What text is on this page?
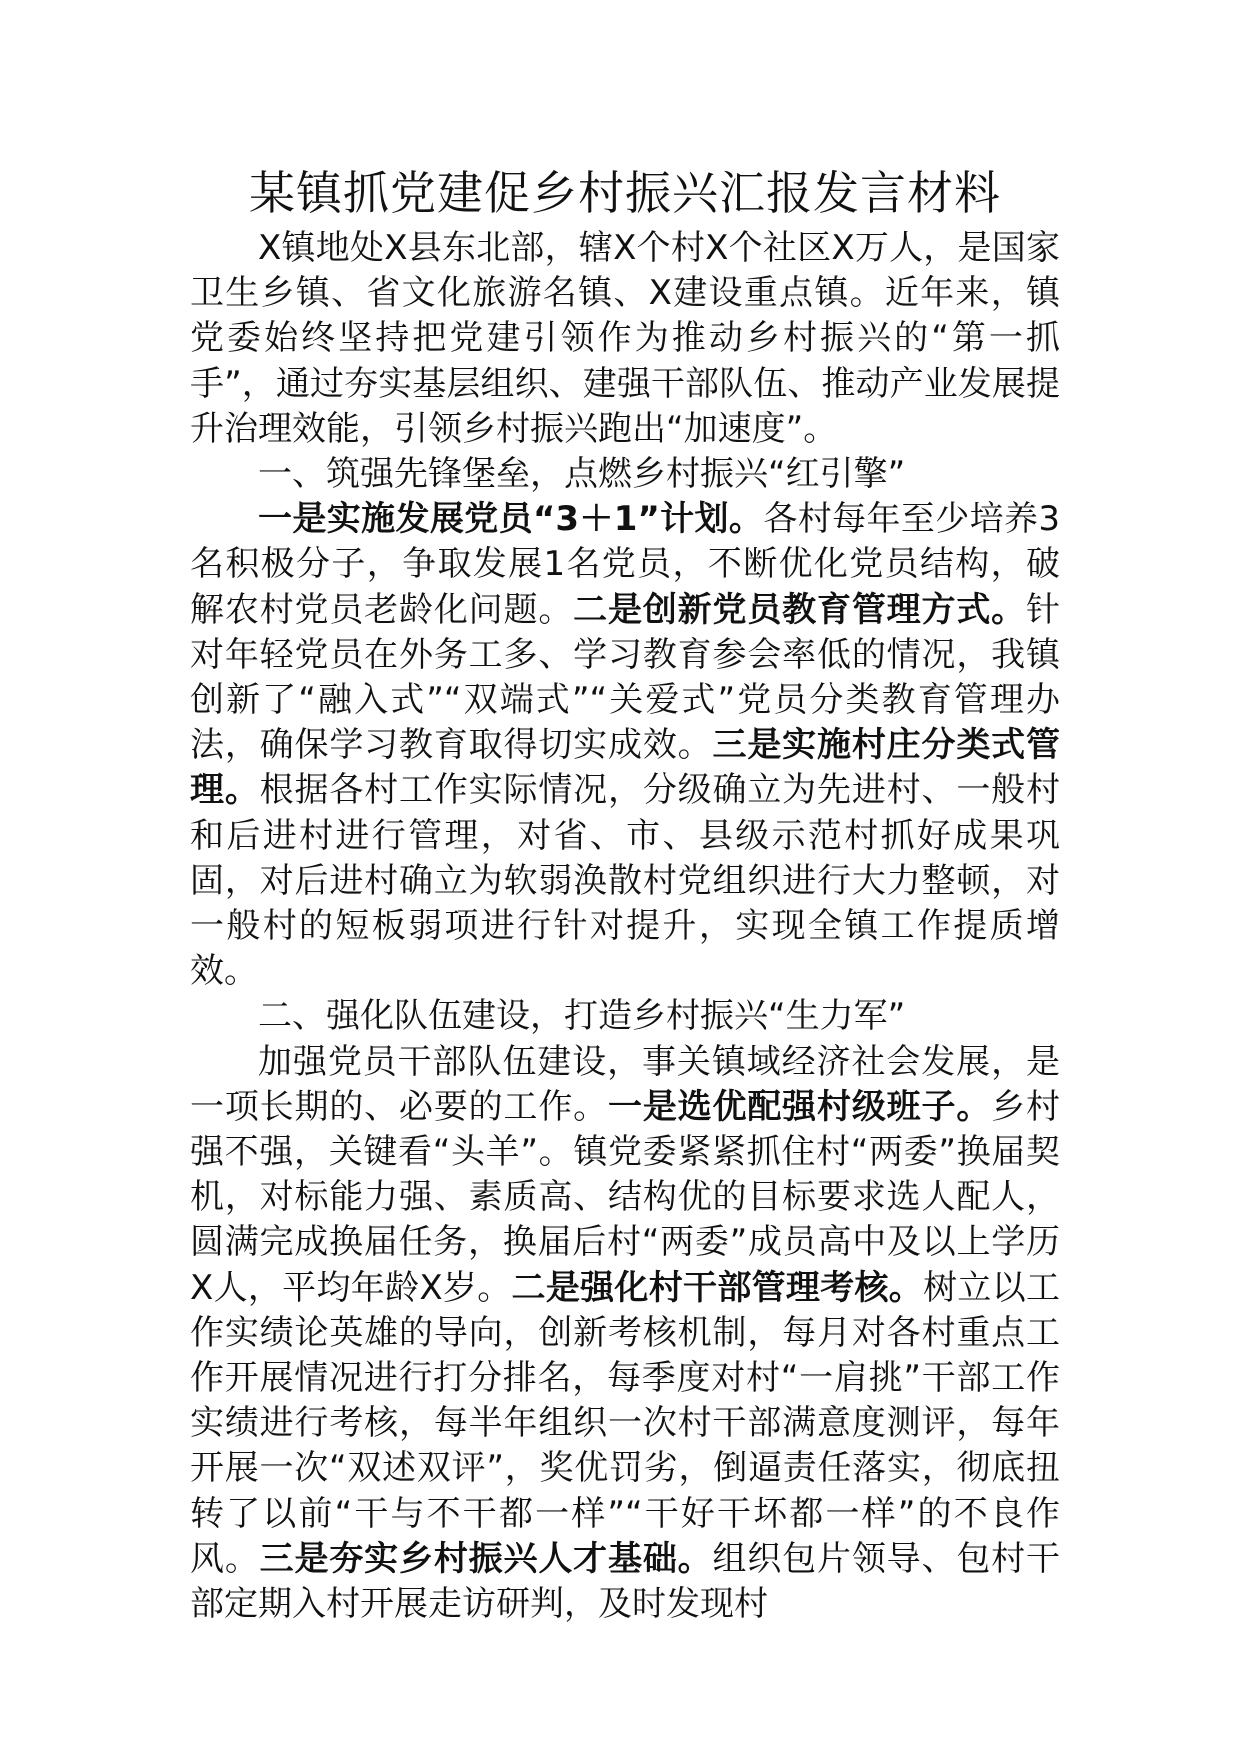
某镇抓党建促乡村振兴汇报发言材料

X镇地处X县东北部，辖X个村X个社区X万人，是国家卫生乡镇、省文化旅游名镇、X建设重点镇。近年来，镇党委始终坚持把党建引领作为推动乡村振兴的“第一抓手”，通过夯实基层组织、建强干部队伍、推动产业发展提升治理效能，引领乡村振兴跑出“加速度”。

一、筑强先锋堡垒，点燃乡村振兴“红引擎”

一是实施发展党员“3＋1”计划。各村每年至少培养3名积极分子，争取发展1名党员，不断优化党员结构，破解农村党员老龄化问题。二是创新党员教育管理方式。针对年轻党员在外务工多、学习教育参会率低的情况，我镇创新了“融入式”“双端式”“关爱式”党员分类教育管理办法，确保学习教育取得切实成效。三是实施村庄分类式管理。根据各村工作实际情况，分级确立为先进村、一般村和后进村进行管理，对省、市、县级示范村抓好成果巩固，对后进村确立为软弱涣散村党组织进行大力整顿，对一般村的短板弱项进行针对提升，实现全镇工作提质增效。

二、强化队伍建设，打造乡村振兴“生力军”

加强党员干部队伍建设，事关镇域经济社会发展，是一项长期的、必要的工作。一是选优配强村级班子。乡村强不强，关键看“头羊”。镇党委紧紧抓住村“两委”换届契机，对标能力强、素质高、结构优的目标要求选人配人，圆满完成换届任务，换届后村“两委”成员高中及以上学历X人，平均年龄X岁。二是强化村干部管理考核。树立以工作实绩论英雄的导向，创新考核机制，每月对各村重点工作开展情况进行打分排名，每季度对村“一肩挑”干部工作实绩进行考核，每半年组织一次村干部满意度测评，每年开展一次“双述双评”，奖优罚劣，倒逼责任落实，彻底扭转了以前“干与不干都一样”“干好干坏都一样”的不良作风。三是夯实乡村振兴人才基础。组织包片领导、包村干部定期入村开展走访研判，及时发现村
